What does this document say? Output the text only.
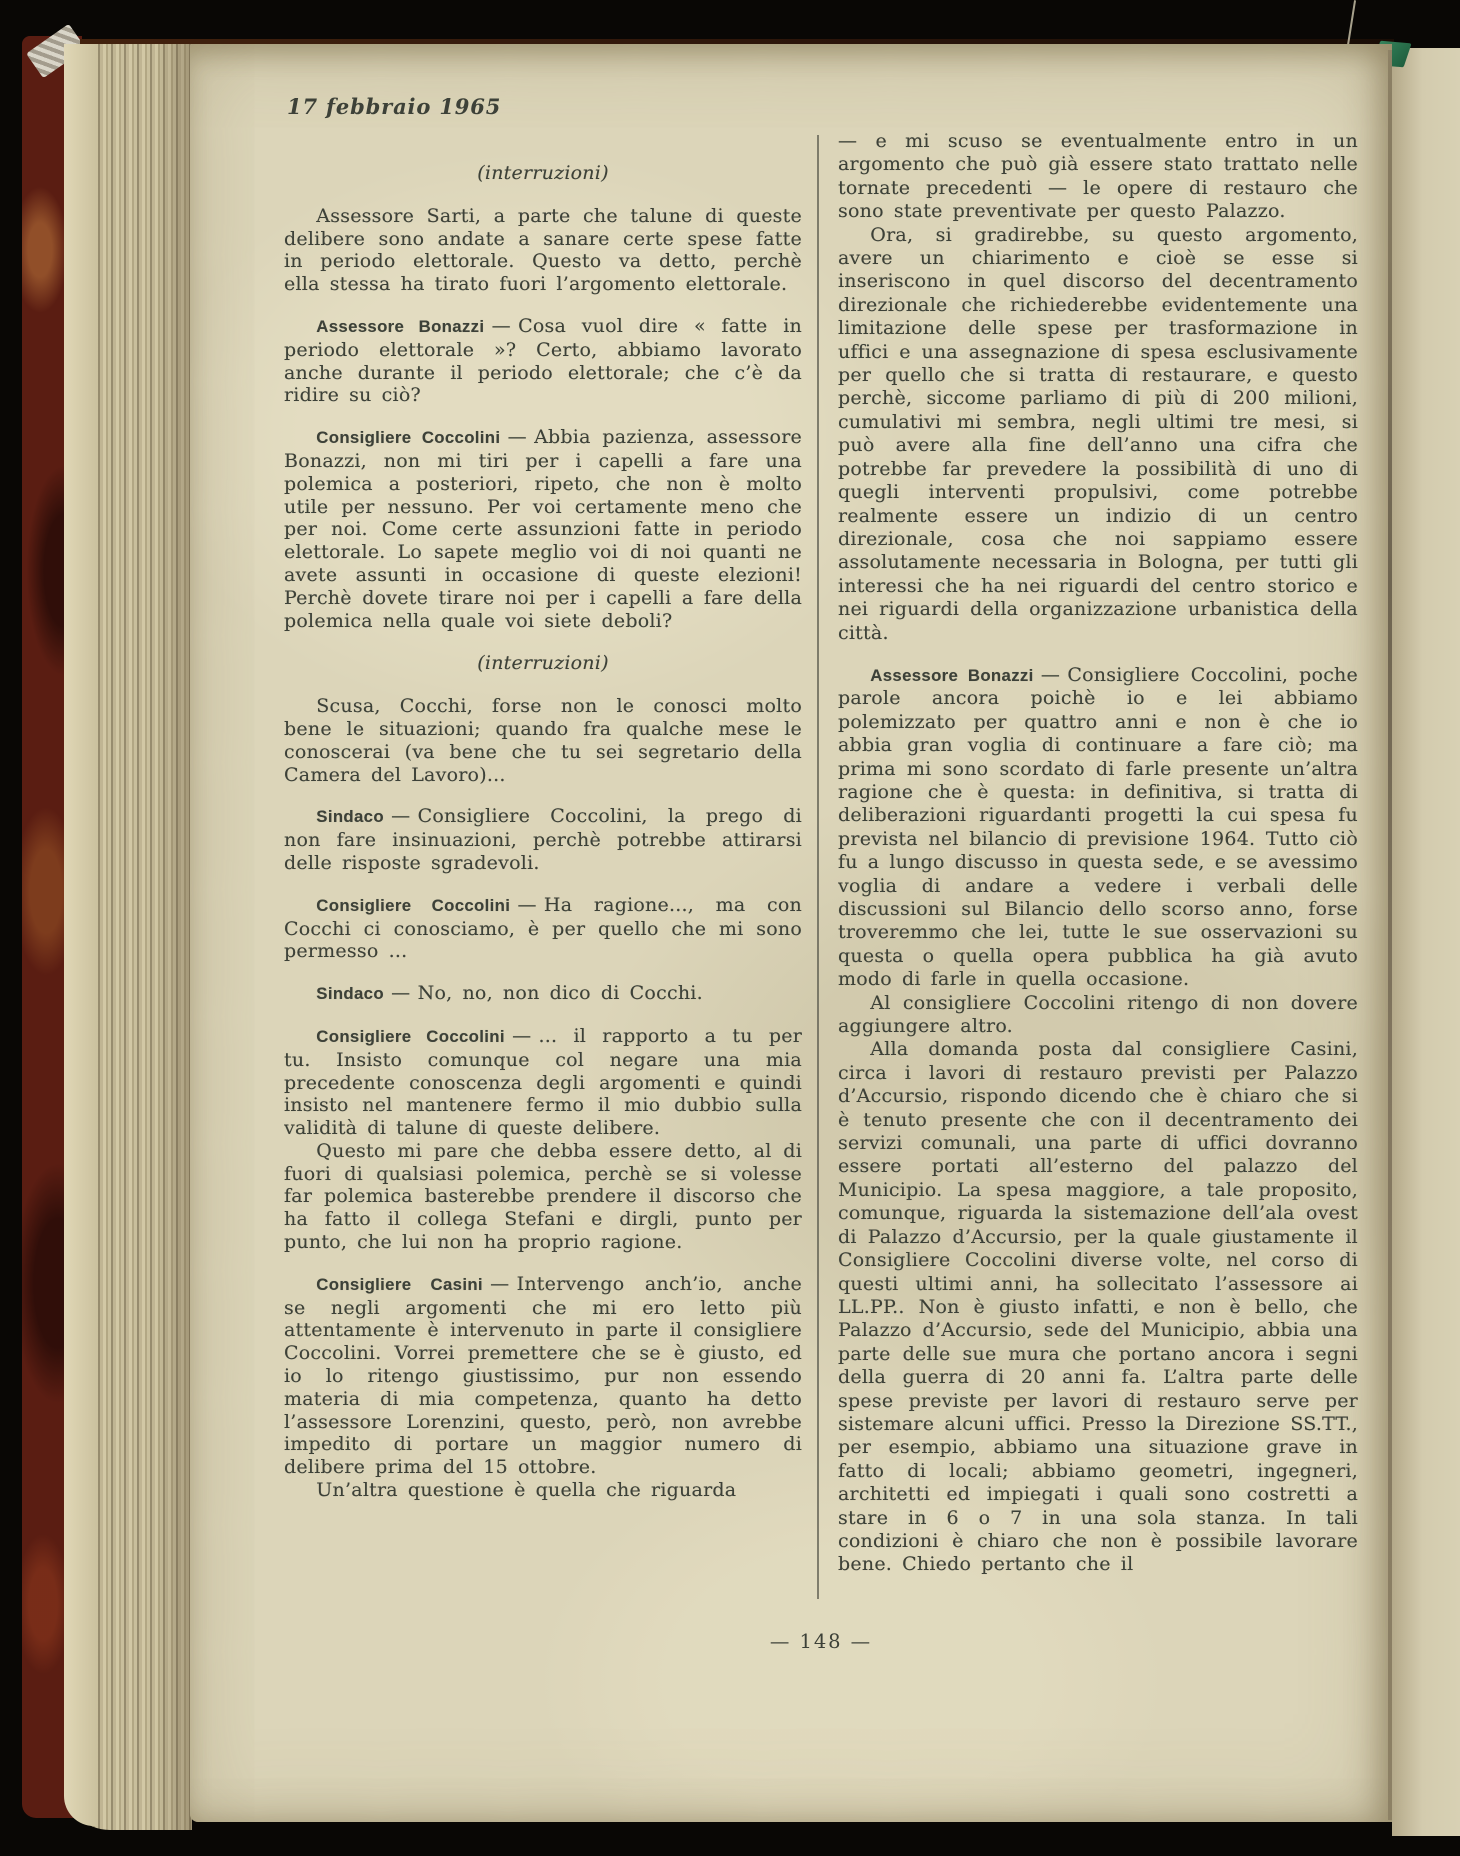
17 febbraio 1965

(interruzioni)

Assessore Sarti, a parte che talune di queste delibere sono andate a sanare certe spese fatte in periodo elettorale. Questo va detto, perchè ella stessa ha tirato fuori l’argomento elettorale.

Assessore Bonazzi — Cosa vuol dire « fatte in periodo elettorale »? Certo, abbiamo lavorato anche durante il periodo elettorale; che c’è da ridire su ciò?

Consigliere Coccolini — Abbia pazienza, assessore Bonazzi, non mi tiri per i capelli a fare una polemica a posteriori, ripeto, che non è molto utile per nessuno. Per voi certamente meno che per noi. Come certe assunzioni fatte in periodo elettorale. Lo sapete meglio voi di noi quanti ne avete assunti in occasione di queste elezioni! Perchè dovete tirare noi per i capelli a fare della polemica nella quale voi siete deboli?

(interruzioni)

Scusa, Cocchi, forse non le conosci molto bene le situazioni; quando fra qualche mese le conoscerai (va bene che tu sei segretario della Camera del Lavoro)...

Sindaco — Consigliere Coccolini, la prego di non fare insinuazioni, perchè potrebbe attirarsi delle risposte sgradevoli.

Consigliere Coccolini — Ha ragione..., ma con Cocchi ci conosciamo, è per quello che mi sono permesso ...

Sindaco — No, no, non dico di Cocchi.

Consigliere Coccolini — ... il rapporto a tu per tu. Insisto comunque col negare una mia precedente conoscenza degli argomenti e quindi insisto nel mantenere fermo il mio dubbio sulla validità di talune di queste delibere.

Questo mi pare che debba essere detto, al di fuori di qualsiasi polemica, perchè se si volesse far polemica basterebbe prendere il discorso che ha fatto il collega Stefani e dirgli, punto per punto, che lui non ha proprio ragione.

Consigliere Casini — Intervengo anch’io, anche se negli argomenti che mi ero letto più attentamente è intervenuto in parte il consigliere Coccolini. Vorrei premettere che se è giusto, ed io lo ritengo giustissimo, pur non essendo materia di mia competenza, quanto ha detto l’assessore Lorenzini, questo, però, non avrebbe impedito di portare un maggior numero di delibere prima del 15 ottobre.

Un’altra questione è quella che riguarda

— e mi scuso se eventualmente entro in un argomento che può già essere stato trattato nelle tornate precedenti — le opere di restauro che sono state preventivate per questo Palazzo.

Ora, si gradirebbe, su questo argomento, avere un chiarimento e cioè se esse si inseriscono in quel discorso del decentramento direzionale che richiederebbe evidentemente una limitazione delle spese per trasformazione in uffici e una assegnazione di spesa esclusivamente per quello che si tratta di restaurare, e questo perchè, siccome parliamo di più di 200 milioni, cumulativi mi sembra, negli ultimi tre mesi, si può avere alla fine dell’anno una cifra che potrebbe far prevedere la possibilità di uno di quegli interventi propulsivi, come potrebbe realmente essere un indizio di un centro direzionale, cosa che noi sappiamo essere assolutamente necessaria in Bologna, per tutti gli interessi che ha nei riguardi del centro storico e nei riguardi della organizzazione urbanistica della città.

Assessore Bonazzi — Consigliere Coccolini, poche parole ancora poichè io e lei abbiamo polemizzato per quattro anni e non è che io abbia gran voglia di continuare a fare ciò; ma prima mi sono scordato di farle presente un’altra ragione che è questa: in definitiva, si tratta di deliberazioni riguardanti progetti la cui spesa fu prevista nel bilancio di previsione 1964. Tutto ciò fu a lungo discusso in questa sede, e se avessimo voglia di andare a vedere i verbali delle discussioni sul Bilancio dello scorso anno, forse troveremmo che lei, tutte le sue osservazioni su questa o quella opera pubblica ha già avuto modo di farle in quella occasione.

Al consigliere Coccolini ritengo di non dovere aggiungere altro.

Alla domanda posta dal consigliere Casini, circa i lavori di restauro previsti per Palazzo d’Accursio, rispondo dicendo che è chiaro che si è tenuto presente che con il decentramento dei servizi comunali, una parte di uffici dovranno essere portati all’esterno del palazzo del Municipio. La spesa maggiore, a tale proposito, comunque, riguarda la sistemazione dell’ala ovest di Palazzo d’Accursio, per la quale giustamente il Consigliere Coccolini diverse volte, nel corso di questi ultimi anni, ha sollecitato l’assessore ai LL.PP.. Non è giusto infatti, e non è bello, che Palazzo d’Accursio, sede del Municipio, abbia una parte delle sue mura che portano ancora i segni della guerra di 20 anni fa. L’altra parte delle spese previste per lavori di restauro serve per sistemare alcuni uffici. Presso la Direzione SS.TT., per esempio, abbiamo una situazione grave in fatto di locali; abbiamo geometri, ingegneri, architetti ed impiegati i quali sono costretti a stare in 6 o 7 in una sola stanza. In tali condizioni è chiaro che non è possibile lavorare bene. Chiedo pertanto che il

— 148 —
